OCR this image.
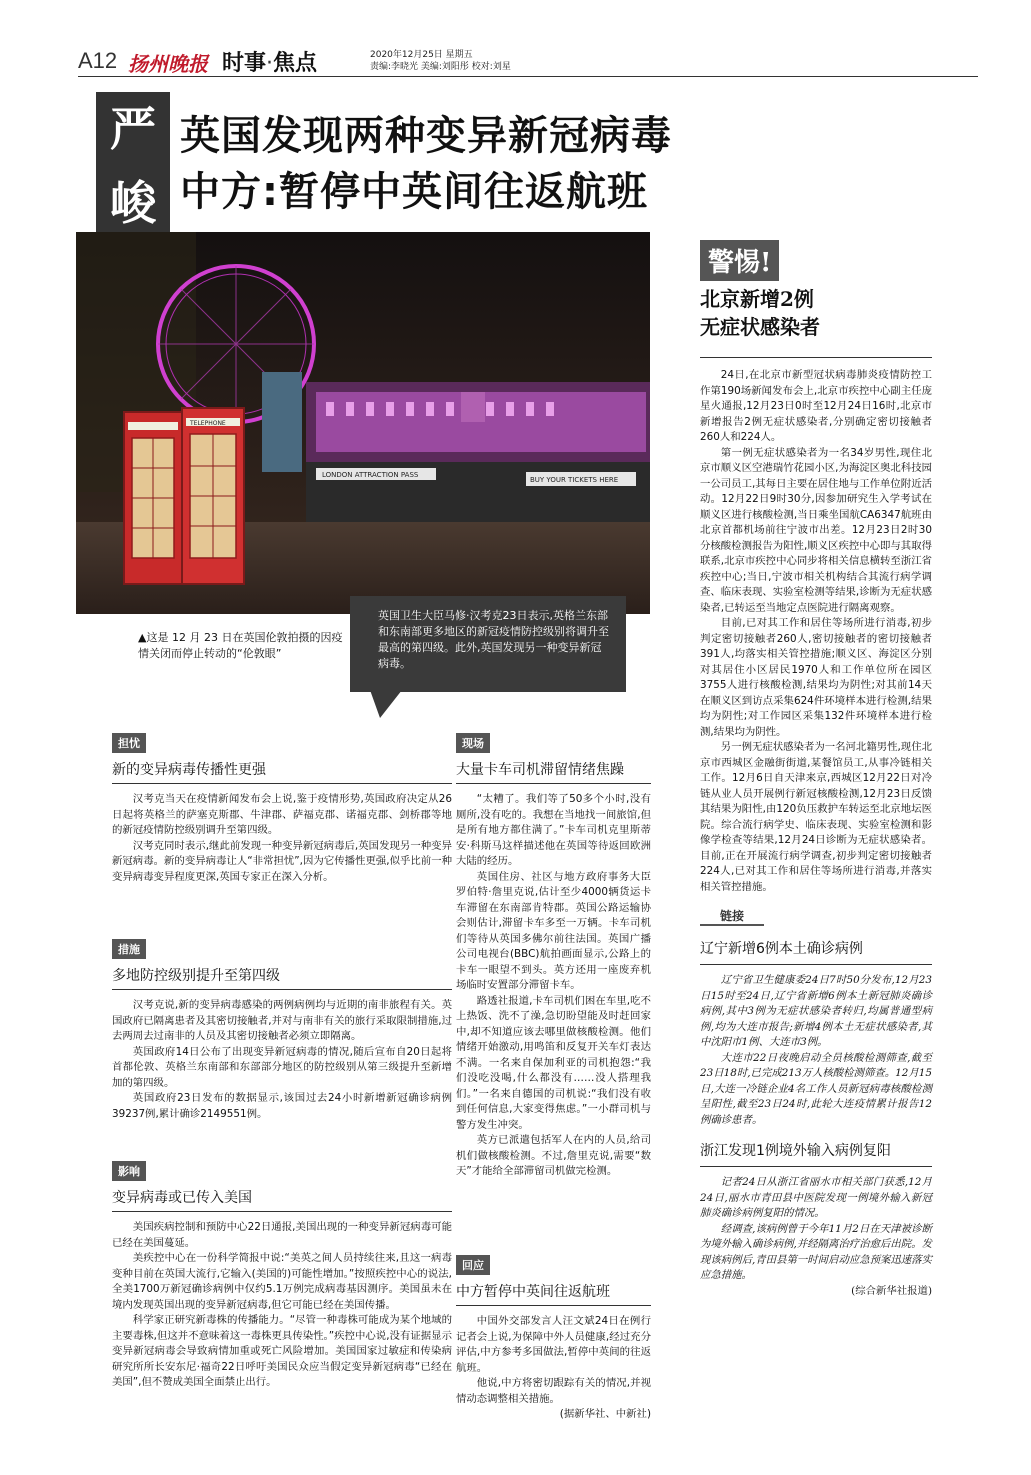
A12 扬州晚报 时事·焦点	2020年12月25日 星期五
责编:李晓光 美编:刘阳彤 校对:刘星
严
峻
英国发现两种变异新冠病毒
中方:暂停中英间往返航班
LONDON ATTRACTION PASS
BUY YOUR TICKETS HERE
TELEPHONE
▲这是 12 月 23 日在英国伦敦拍摄的因疫情关闭而停止转动的“伦敦眼”
英国卫生大臣马修·汉考克23日表示,英格兰东部和东南部更多地区的新冠疫情防控级别将调升至最高的第四级。此外,英国发现另一种变异新冠病毒。
担忧
新的变异病毒传播性更强

汉考克当天在疫情新闻发布会上说,鉴于疫情形势,英国政府决定从26日起将英格兰的萨塞克斯郡、牛津郡、萨福克郡、诺福克郡、剑桥郡等地的新冠疫情防控级别调升至第四级。

汉考克同时表示,继此前发现一种变异新冠病毒后,英国发现另一种变异新冠病毒。新的变异病毒让人“非常担忧”,因为它传播性更强,似乎比前一种变异病毒变异程度更深,英国专家正在深入分析。

措施
多地防控级别提升至第四级

汉考克说,新的变异病毒感染的两例病例均与近期的南非旅程有关。英国政府已隔离患者及其密切接触者,并对与南非有关的旅行采取限制措施,过去两周去过南非的人员及其密切接触者必须立即隔离。

英国政府14日公布了出现变异新冠病毒的情况,随后宣布自20日起将首都伦敦、英格兰东南部和东部部分地区的防控级别从第三级提升至新增加的第四级。

英国政府23日发布的数据显示,该国过去24小时新增新冠确诊病例39237例,累计确诊2149551例。

影响
变异病毒或已传入美国

美国疾病控制和预防中心22日通报,美国出现的一种变异新冠病毒可能已经在美国蔓延。

美疾控中心在一份科学简报中说:“美英之间人员持续往来,且这一病毒变种目前在英国大流行,它输入(美国的)可能性增加。”按照疾控中心的说法,全美1700万新冠确诊病例中仅约5.1万例完成病毒基因测序。美国虽未在境内发现英国出现的变异新冠病毒,但它可能已经在美国传播。

科学家正研究新毒株的传播能力。“尽管一种毒株可能成为某个地域的主要毒株,但这并不意味着这一毒株更具传染性。”疾控中心说,没有证据显示变异新冠病毒会导致病情加重或死亡风险增加。美国国家过敏症和传染病研究所所长安东尼·福奇22日呼吁美国民众应当假定变异新冠病毒“已经在美国”,但不赞成美国全面禁止出行。

现场
大量卡车司机滞留情绪焦躁

“太糟了。我们等了50多个小时,没有厕所,没有吃的。我想在当地找一间旅馆,但是所有地方都住满了。”卡车司机克里斯蒂安·科斯马这样描述他在英国等待返回欧洲大陆的经历。

英国住房、社区与地方政府事务大臣罗伯特·詹里克说,估计至少4000辆货运卡车滞留在东南部肯特郡。英国公路运输协会则估计,滞留卡车多至一万辆。卡车司机们等待从英国多佛尔前往法国。英国广播公司电视台(BBC)航拍画面显示,公路上的卡车一眼望不到头。英方还用一座废弃机场临时安置部分滞留卡车。

路透社报道,卡车司机们困在车里,吃不上热饭、洗不了澡,急切盼望能及时赶回家中,却不知道应该去哪里做核酸检测。他们情绪开始激动,用鸣笛和反复开关车灯表达不满。一名来自保加利亚的司机抱怨:“我们没吃没喝,什么都没有……没人搭理我们。”一名来自德国的司机说:“我们没有收到任何信息,大家变得焦虑。”一小群司机与警方发生冲突。

英方已派遣包括军人在内的人员,给司机们做核酸检测。不过,詹里克说,需要“数天”才能给全部滞留司机做完检测。

回应
中方暂停中英间往返航班

中国外交部发言人汪文斌24日在例行记者会上说,为保障中外人员健康,经过充分评估,中方参考多国做法,暂停中英间的往返航班。

他说,中方将密切跟踪有关的情况,并视情动态调整相关措施。

(据新华社、中新社)
警惕!
北京新增2例
无症状感染者

24日,在北京市新型冠状病毒肺炎疫情防控工作第190场新闻发布会上,北京市疾控中心副主任庞星火通报,12月23日0时至12月24日16时,北京市新增报告2例无症状感染者,分别确定密切接触者260人和224人。

第一例无症状感染者为一名34岁男性,现住北京市顺义区空港瑞竹花园小区,为海淀区奥北科技园一公司员工,其每日主要在居住地与工作单位附近活动。12月22日9时30分,因参加研究生入学考试在顺义区进行核酸检测,当日乘坐国航CA6347航班由北京首都机场前往宁波市出差。12月23日2时30分核酸检测报告为阳性,顺义区疾控中心即与其取得联系,北京市疾控中心同步将相关信息横转至浙江省疾控中心;当日,宁波市相关机构结合其流行病学调查、临床表现、实验室检测等结果,诊断为无症状感染者,已转运至当地定点医院进行隔离观察。

目前,已对其工作和居住等场所进行消毒,初步判定密切接触者260人,密切接触者的密切接触者391人,均落实相关管控措施;顺义区、海淀区分别对其居住小区居民1970人和工作单位所在园区3755人进行核酸检测,结果均为阴性;对其前14天在顺义区到访点采集624件环境样本进行检测,结果均为阴性;对工作园区采集132件环境样本进行检测,结果均为阴性。

另一例无症状感染者为一名河北籍男性,现住北京市西城区金融街街道,某餐馆员工,从事冷链相关工作。12月6日自天津来京,西城区12月22日对冷链从业人员开展例行新冠核酸检测,12月23日反馈其结果为阳性,由120负压救护车转运至北京地坛医院。综合流行病学史、临床表现、实验室检测和影像学检查等结果,12月24日诊断为无症状感染者。目前,正在开展流行病学调查,初步判定密切接触者224人,已对其工作和居住等场所进行消毒,并落实相关管控措施。

链接
辽宁新增6例本土确诊病例

辽宁省卫生健康委24日7时50分发布,12月23日15时至24日,辽宁省新增6例本土新冠肺炎确诊病例,其中3例为无症状感染者转归,均属普通型病例,均为大连市报告;新增4例本土无症状感染者,其中沈阳市1例、大连市3例。

大连市22日夜晚启动全员核酸检测筛查,截至23日18时,已完成213万人核酸检测筛查。12月15日,大连一冷链企业4名工作人员新冠病毒核酸检测呈阳性,截至23日24时,此轮大连疫情累计报告12例确诊患者。

浙江发现1例境外输入病例复阳

记者24日从浙江省丽水市相关部门获悉,12月24日,丽水市青田县中医院发现一例境外输入新冠肺炎确诊病例复阳的情况。

经调查,该病例曾于今年11月2日在天津被诊断为境外输入确诊病例,并经隔离治疗治愈后出院。发现该病例后,青田县第一时间启动应急预案迅速落实应急措施。

(综合新华社报道)
